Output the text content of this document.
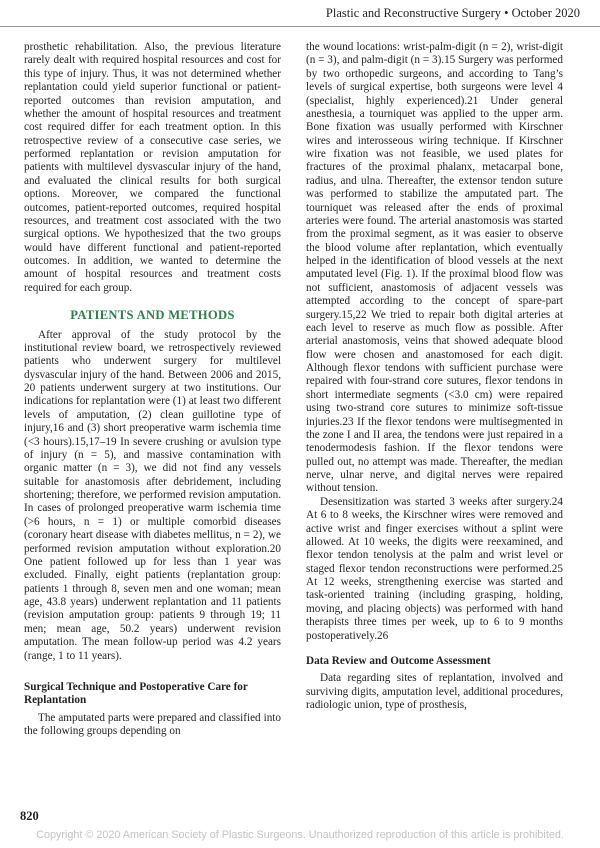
Plastic and Reconstructive Surgery • October 2020

prosthetic rehabilitation. Also, the previous literature rarely dealt with required hospital resources and cost for this type of injury. Thus, it was not determined whether replantation could yield superior functional or patient-reported outcomes than revision amputation, and whether the amount of hospital resources and treatment cost required differ for each treatment option. In this retrospective review of a consecutive case series, we performed replantation or revision amputation for patients with multilevel dysvascular injury of the hand, and evaluated the clinical results for both surgical options. Moreover, we compared the functional outcomes, patient-reported outcomes, required hospital resources, and treatment cost associated with the two surgical options. We hypothesized that the two groups would have different functional and patient-reported outcomes. In addition, we wanted to determine the amount of hospital resources and treatment costs required for each group.

PATIENTS AND METHODS

After approval of the study protocol by the institutional review board, we retrospectively reviewed patients who underwent surgery for multilevel dysvascular injury of the hand. Between 2006 and 2015, 20 patients underwent surgery at two institutions. Our indications for replantation were (1) at least two different levels of amputation, (2) clean guillotine type of injury,16 and (3) short preoperative warm ischemia time (<3 hours).15,17–19 In severe crushing or avulsion type of injury (n = 5), and massive contamination with organic matter (n = 3), we did not find any vessels suitable for anastomosis after debridement, including shortening; therefore, we performed revision amputation. In cases of prolonged preoperative warm ischemia time (>6 hours, n = 1) or multiple comorbid diseases (coronary heart disease with diabetes mellitus, n = 2), we performed revision amputation without exploration.20 One patient followed up for less than 1 year was excluded. Finally, eight patients (replantation group: patients 1 through 8, seven men and one woman; mean age, 43.8 years) underwent replantation and 11 patients (revision amputation group: patients 9 through 19; 11 men; mean age, 50.2 years) underwent revision amputation. The mean follow-up period was 4.2 years (range, 1 to 11 years).

Surgical Technique and Postoperative Care for Replantation

The amputated parts were prepared and classified into the following groups depending on

the wound locations: wrist-palm-digit (n = 2), wrist-digit (n = 3), and palm-digit (n = 3).15 Surgery was performed by two orthopedic surgeons, and according to Tang’s levels of surgical expertise, both surgeons were level 4 (specialist, highly experienced).21 Under general anesthesia, a tourniquet was applied to the upper arm. Bone fixation was usually performed with Kirschner wires and interosseous wiring technique. If Kirschner wire fixation was not feasible, we used plates for fractures of the proximal phalanx, metacarpal bone, radius, and ulna. Thereafter, the extensor tendon suture was performed to stabilize the amputated part. The tourniquet was released after the ends of proximal arteries were found. The arterial anastomosis was started from the proximal segment, as it was easier to observe the blood volume after replantation, which eventually helped in the identification of blood vessels at the next amputated level (Fig. 1). If the proximal blood flow was not sufficient, anastomosis of adjacent vessels was attempted according to the concept of spare-part surgery.15,22 We tried to repair both digital arteries at each level to reserve as much flow as possible. After arterial anastomosis, veins that showed adequate blood flow were chosen and anastomosed for each digit. Although flexor tendons with sufficient purchase were repaired with four-strand core sutures, flexor tendons in short intermediate segments (<3.0 cm) were repaired using two-strand core sutures to minimize soft-tissue injuries.23 If the flexor tendons were multisegmented in the zone I and II area, the tendons were just repaired in a tenodermodesis fashion. If the flexor tendons were pulled out, no attempt was made. Thereafter, the median nerve, ulnar nerve, and digital nerves were repaired without tension.

Desensitization was started 3 weeks after surgery.24 At 6 to 8 weeks, the Kirschner wires were removed and active wrist and finger exercises without a splint were allowed. At 10 weeks, the digits were reexamined, and flexor tendon tenolysis at the palm and wrist level or staged flexor tendon reconstructions were performed.25 At 12 weeks, strengthening exercise was started and task-oriented training (including grasping, holding, moving, and placing objects) was performed with hand therapists three times per week, up to 6 to 9 months postoperatively.26

Data Review and Outcome Assessment

Data regarding sites of replantation, involved and surviving digits, amputation level, additional procedures, radiologic union, type of prosthesis,

820
Copyright © 2020 American Society of Plastic Surgeons. Unauthorized reproduction of this article is prohibited.
